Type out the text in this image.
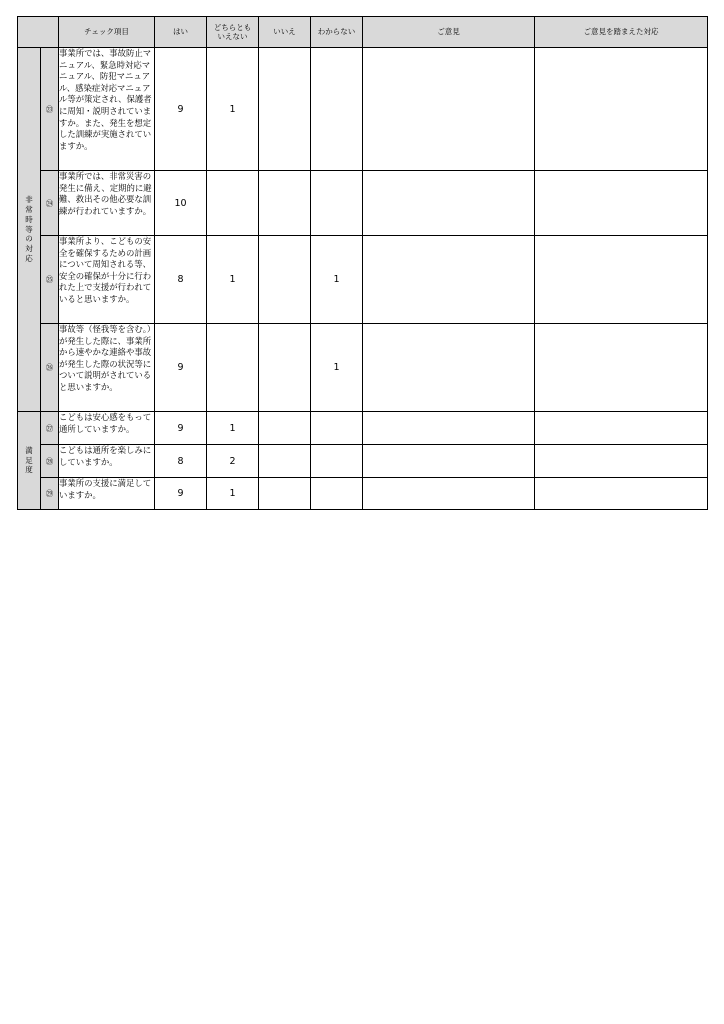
		チェック項目	はい	どちらとも
いえない	いいえ	わからない	ご意見	ご意見を踏まえた対応
非常時等の対応	㉓	事業所では、事故防止マニュアル、緊急時対応マニュアル、防犯マニュアル、感染症対応マニュアル等が策定され、保護者に周知・説明されていますか。また、発生を想定した訓練が実施されていますか。	9	1				
	㉔	事業所では、非常災害の発生に備え、定期的に避難、救出その他必要な訓練が行われていますか。	10					
	㉕	事業所より、こどもの安全を確保するための計画について周知される等、安全の確保が十分に行われた上で支援が行われていると思いますか。	8	1		1		
	㉖	事故等（怪我等を含む。）が発生した際に、事業所から速やかな連絡や事故が発生した際の状況等について説明がされていると思いますか。	9			1		
満足度	㉗	こどもは安心感をもって通所していますか。	9	1				
	㉘	こどもは通所を楽しみにしていますか。	8	2				
	㉙	事業所の支援に満足していますか。	9	1				
